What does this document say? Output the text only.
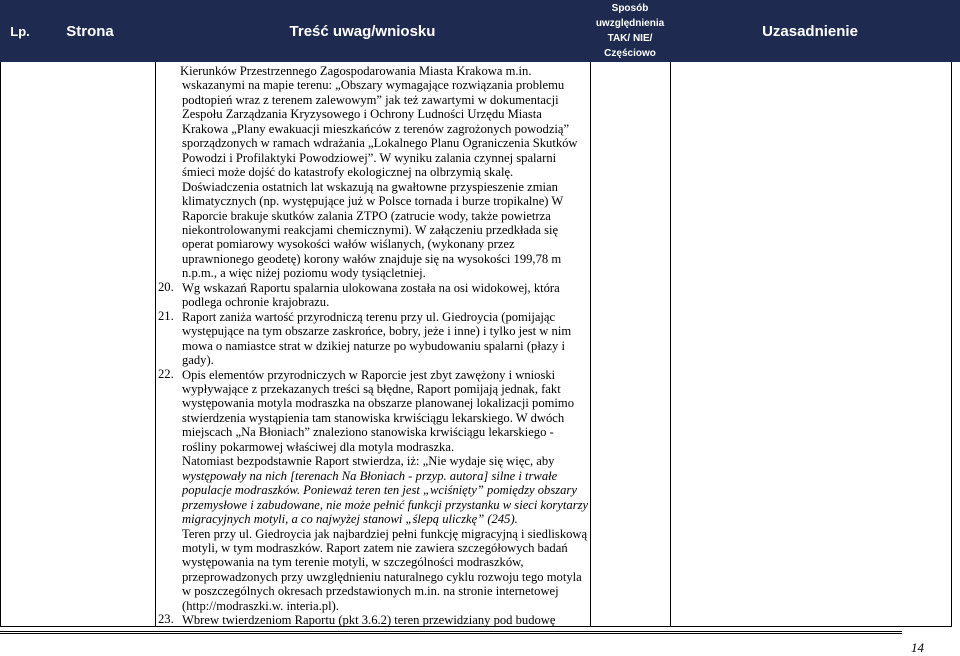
Lp.	Strona	Treść uwag/wniosku
Sposób
uwzględnienia
TAK/ NIE/
Częściowo
Uzasadnienie
20.
21.
22.
23.

Kierunków Przestrzennego Zagospodarowania Miasta Krakowa m.in.

wskazanymi na mapie terenu: „Obszary wymagające rozwiązania problemu

podtopień wraz z terenem zalewowym” jak też zawartymi w dokumentacji

Zespołu Zarządzania Kryzysowego i Ochrony Ludności Urzędu Miasta

Krakowa „Plany ewakuacji mieszkańców z terenów zagrożonych powodzią”

sporządzonych w ramach wdrażania „Lokalnego Planu Ograniczenia Skutków

Powodzi i Profilaktyki Powodziowej”. W wyniku zalania czynnej spalarni

śmieci może dojść do katastrofy ekologicznej na olbrzymią skalę.

Doświadczenia ostatnich lat wskazują na gwałtowne przyspieszenie zmian

klimatycznych (np. występujące już w Polsce tornada i burze tropikalne) W

Raporcie brakuje skutków zalania ZTPO (zatrucie wody, także powietrza

niekontrolowanymi reakcjami chemicznymi). W załączeniu przedkłada się

operat pomiarowy wysokości wałów wiślanych, (wykonany przez

uprawnionego geodetę) korony wałów znajduje się na wysokości 199,78 m

n.p.m., a więc niżej poziomu wody tysiącletniej.

Wg wskazań Raportu spalarnia ulokowana została na osi widokowej, która

podlega ochronie krajobrazu.

Raport zaniża wartość przyrodniczą terenu przy ul. Giedroycia (pomijając

występujące na tym obszarze zaskrońce, bobry, jeże i inne) i tylko jest w nim

mowa o namiastce strat w dzikiej naturze po wybudowaniu spalarni (płazy i

gady).

Opis elementów przyrodniczych w Raporcie jest zbyt zawężony i wnioski

wypływające z przekazanych treści są błędne, Raport pomijają jednak, fakt

występowania motyla modraszka na obszarze planowanej lokalizacji pomimo

stwierdzenia wystąpienia tam stanowiska krwiściągu lekarskiego. W dwóch

miejscach „Na Błoniach” znaleziono stanowiska krwiściągu lekarskiego -

rośliny pokarmowej właściwej dla motyla modraszka.

Natomiast bezpodstawnie Raport stwierdza, iż: „Nie wydaje się więc, aby

występowały na nich [terenach Na Błoniach - przyp. autora] silne i trwałe

populacje modraszków. Ponieważ teren ten jest „wciśnięty” pomiędzy obszary

przemysłowe i zabudowane, nie może pełnić funkcji przystanku w sieci korytarzy

migracyjnych motyli, a co najwyżej stanowi „ślepą uliczkę” (245).

Teren przy ul. Giedroycia jak najbardziej pełni funkcję migracyjną i siedliskową

motyli, w tym modraszków. Raport zatem nie zawiera szczegółowych badań

występowania na tym terenie motyli, w szczególności modraszków,

przeprowadzonych przy uwzględnieniu naturalnego cyklu rozwoju tego motyla

w poszczególnych okresach przedstawionych m.in. na stronie internetowej

(http://modraszki.w. interia.pl).

Wbrew twierdzeniom Raportu (pkt 3.6.2) teren przewidziany pod budowę

14
